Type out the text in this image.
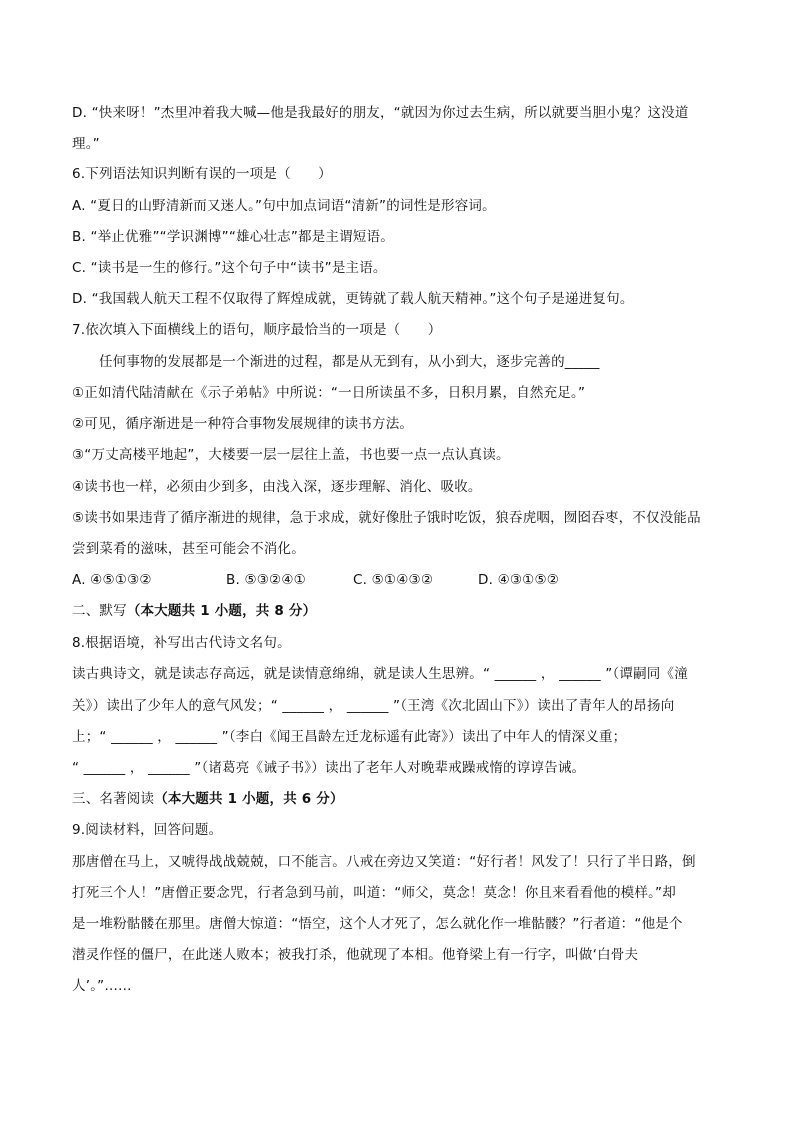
D. “快来呀！”杰里冲着我大喊—他是我最好的朋友，“就因为你过去生病，所以就要当胆小鬼？这没道
理。”
6.下列语法知识判断有误的一项是（　　）
A. “夏日的山野清新而又迷人。”句中加点词语“清新”的词性是形容词。
B. “举止优雅”“学识渊博”“雄心壮志”都是主谓短语。
C. “读书是一生的修行。”这个句子中“读书”是主语。
D. “我国载人航天工程不仅取得了辉煌成就，更铸就了载人航天精神。”这个句子是递进复句。
7.依次填入下面横线上的语句，顺序最恰当的一项是（　　）
任何事物的发展都是一个渐进的过程，都是从无到有，从小到大，逐步完善的_____
①正如清代陆清献在《示子弟帖》中所说：“一日所读虽不多，日积月累，自然充足。”
②可见，循序渐进是一种符合事物发展规律的读书方法。
③“万丈高楼平地起”，大楼要一层一层往上盖，书也要一点一点认真读。
④读书也一样，必须由少到多，由浅入深，逐步理解、消化、吸收。
⑤读书如果违背了循序渐进的规律，急于求成，就好像肚子饿时吃饭，狼吞虎咽，囫囵吞枣，不仅没能品
尝到菜肴的滋味，甚至可能会不消化。
A. ④⑤①③②	B. ⑤③②④①	C. ⑤①④③②	D. ④③①⑤②
二、默写（本大题共 1 小题，共 8 分）
8.根据语境，补写出古代诗文名句。
读古典诗文，就是读志存高远，就是读情意绵绵，就是读人生思辨。“ ______ ， ______ ”（谭嗣同《潼
关》）读出了少年人的意气风发；“ ______ ， ______ ”（王湾《次北固山下》）读出了青年人的昂扬向
上；“ ______ ， ______ ”（李白《闻王昌龄左迁龙标遥有此寄》）读出了中年人的情深义重；
“ ______ ， ______ ”（诸葛亮《诫子书》）读出了老年人对晚辈戒躁戒惰的谆谆告诫。
三、名著阅读（本大题共 1 小题，共 6 分）
9.阅读材料，回答问题。
那唐僧在马上，又唬得战战兢兢，口不能言。八戒在旁边又笑道：“好行者！风发了！只行了半日路，倒
打死三个人！”唐僧正要念咒，行者急到马前，叫道：“师父，莫念！莫念！你且来看看他的模样。”却
是一堆粉骷髅在那里。唐僧大惊道：“悟空，这个人才死了，怎么就化作一堆骷髅？”行者道：“他是个
潜灵作怪的僵尸，在此迷人败本；被我打杀，他就现了本相。他脊梁上有一行字，叫做‘白骨夫
人’。”……
